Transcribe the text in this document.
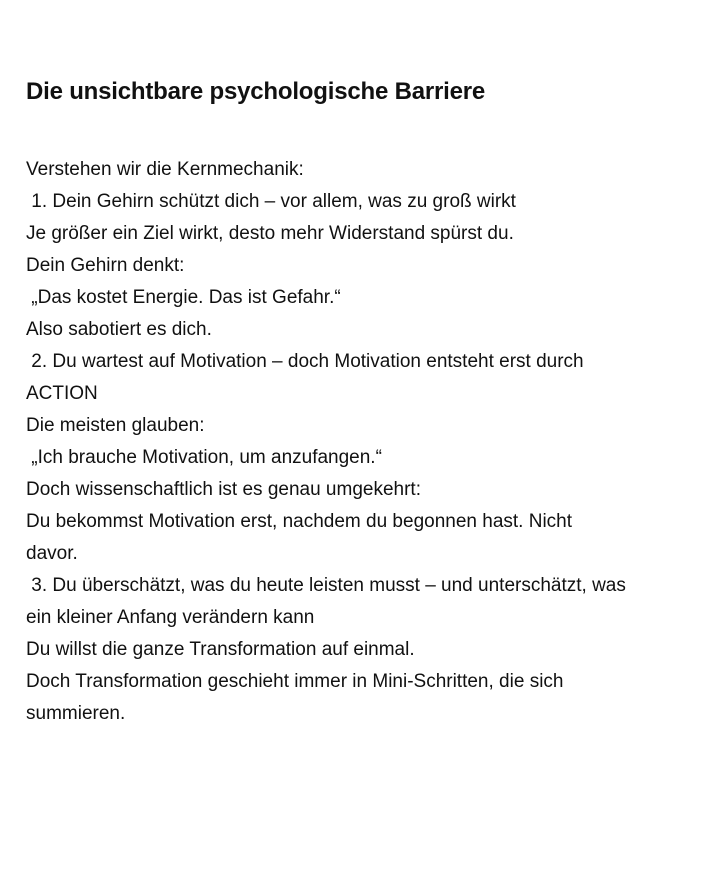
Die unsichtbare psychologische Barriere
Verstehen wir die Kernmechanik:
1. Dein Gehirn schützt dich – vor allem, was zu groß wirkt
Je größer ein Ziel wirkt, desto mehr Widerstand spürst du.
Dein Gehirn denkt:
„Das kostet Energie. Das ist Gefahr.“
Also sabotiert es dich.
2. Du wartest auf Motivation – doch Motivation entsteht erst durch
ACTION
Die meisten glauben:
„Ich brauche Motivation, um anzufangen.“
Doch wissenschaftlich ist es genau umgekehrt:
Du bekommst Motivation erst, nachdem du begonnen hast. Nicht
davor.
3. Du überschätzt, was du heute leisten musst – und unterschätzt, was
ein kleiner Anfang verändern kann
Du willst die ganze Transformation auf einmal.
Doch Transformation geschieht immer in Mini-Schritten, die sich
summieren.
